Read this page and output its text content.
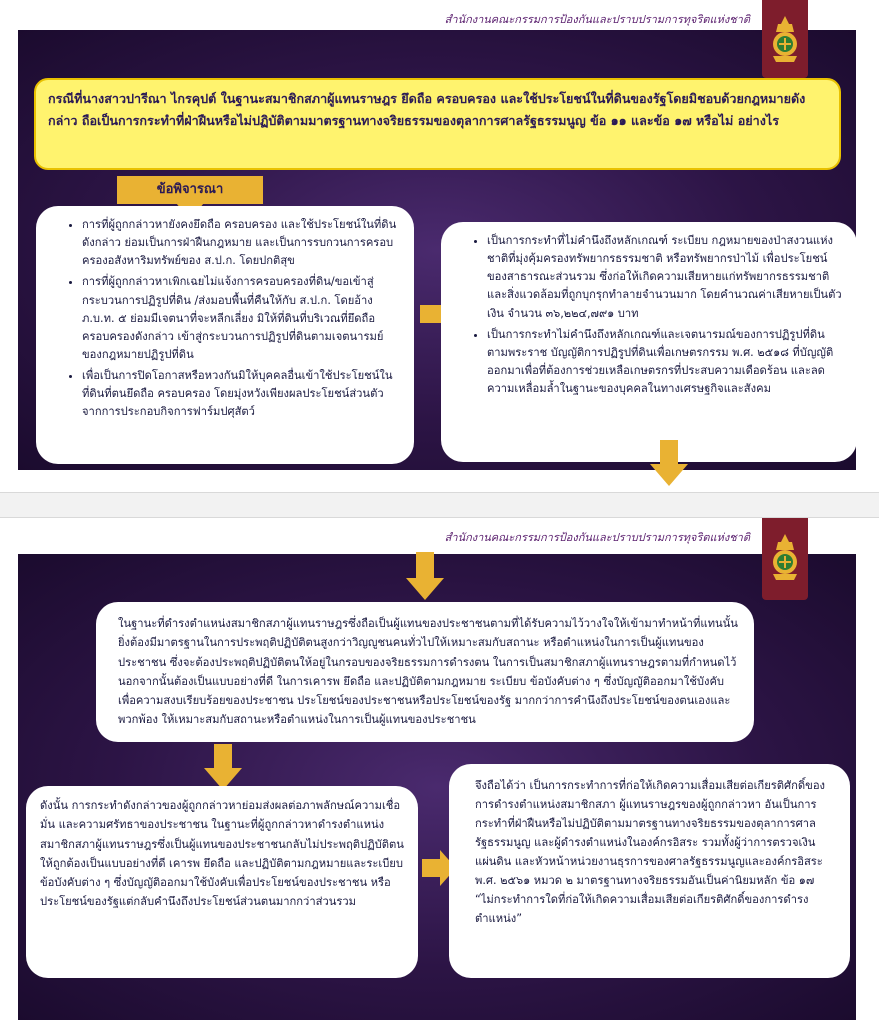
สำนักงานคณะกรรมการป้องกันและปราบปรามการทุจริตแห่งชาติ
กรณีที่นางสาวปารีณา ไกรคุปต์ ในฐานะสมาชิกสภาผู้แทนราษฎร ยึดถือ ครอบครอง และใช้ประโยชน์ในที่ดินของรัฐโดยมิชอบด้วยกฎหมายดังกล่าว ถือเป็นการกระทำที่ฝ่าฝืนหรือไม่ปฏิบัติตามมาตรฐานทางจริยธรรมของตุลาการศาลรัฐธรรมนูญ ข้อ ๑๑ และข้อ ๑๗ หรือไม่ อย่างไร
ข้อพิจารณา
• การที่ผู้ถูกกล่าวหายังคงยึดถือ ครอบครอง และใช้ประโยชน์ในที่ดินดังกล่าว ย่อมเป็นการฝ่าฝืนกฎหมาย และเป็นการรบกวนการครอบครองอสังหาริมทรัพย์ของ ส.ป.ก. โดยปกติสุข
• การที่ผู้ถูกกล่าวหาเพิกเฉยไม่แจ้งการครอบครองที่ดิน/ขอเข้าสู่กระบวนการปฏิรูปที่ดิน /ส่งมอบพื้นที่คืนให้กับ ส.ป.ก. โดยอ้าง ภ.บ.ท. ๕ ย่อมมีเจตนาที่จะหลีกเลี่ยง มิให้ที่ดินที่บริเวณที่ยึดถือครอบครองดังกล่าว เข้าสู่กระบวนการปฏิรูปที่ดินตามเจตนารมย์ของกฎหมายปฏิรูปที่ดิน
• เพื่อเป็นการปิดโอกาสหรือหวงกันมิให้บุคคลอื่นเข้าใช้ประโยชน์ในที่ดินที่ตนยึดถือ ครอบครอง โดยมุ่งหวังเพียงผลประโยชน์ส่วนตัวจากการประกอบกิจการฟาร์มปศุสัตว์
• เป็นการกระทำที่ไม่คำนึงถึงหลักเกณฑ์ ระเบียบ กฎหมายของป่าสงวนแห่งชาติที่มุ่งคุ้มครองทรัพยากรธรรมชาติ หรือทรัพยากรป่าไม้ เพื่อประโยชน์ของสาธารณะส่วนรวม ซึ่งก่อให้เกิดความเสียหายแก่ทรัพยากรธรรมชาติและสิ่งแวดล้อมที่ถูกบุกรุกทำลายจำนวนมาก โดยคำนวณค่าเสียหายเป็นตัวเงิน จำนวน ๓๖,๒๒๔,๗๙๑ บาท
• เป็นการกระทำไม่คำนึงถึงหลักเกณฑ์และเจตนารมณ์ของการปฏิรูปที่ดิน ตามพระราช บัญญัติการปฏิรูปที่ดินเพื่อเกษตรกรรม พ.ศ. ๒๕๑๘ ที่บัญญัติออกมาเพื่อที่ต้องการช่วยเหลือเกษตรกรที่ประสบความเดือดร้อน และลดความเหลื่อมล้ำในฐานะของบุคคลในทางเศรษฐกิจและสังคม
สำนักงานคณะกรรมการป้องกันและปราบปรามการทุจริตแห่งชาติ
ในฐานะที่ดำรงตำแหน่งสมาชิกสภาผู้แทนราษฎรซึ่งถือเป็นผู้แทนของประชาชนตามที่ได้รับความไว้วางใจให้เข้ามาทำหน้าที่แทนนั้น ยิ่งต้องมีมาตรฐานในการประพฤติปฏิบัติตนสูงกว่าวิญญูชนคนทั่วไปให้เหมาะสมกับสถานะ หรือตำแหน่งในการเป็นผู้แทนของประชาชน ซึ่งจะต้องประพฤติปฏิบัติตนให้อยู่ในกรอบของจริยธรรมการดำรงตน ในการเป็นสมาชิกสภาผู้แทนราษฎรตามที่กำหนดไว้นอกจากนั้นต้องเป็นแบบอย่างที่ดี ในการเคารพ ยึดถือ และปฏิบัติตามกฎหมาย ระเบียบ ข้อบังคับต่าง ๆ ซึ่งบัญญัติออกมาใช้บังคับเพื่อความสงบเรียบร้อยของประชาชน ประโยชน์ของประชาชนหรือประโยชน์ของรัฐ มากกว่าการคำนึงถึงประโยชน์ของตนเองและพวกพ้อง ให้เหมาะสมกับสถานะหรือตำแหน่งในการเป็นผู้แทนของประชาชน
ดังนั้น การกระทำดังกล่าวของผู้ถูกกล่าวหาย่อมส่งผลต่อภาพลักษณ์ความเชื่อมั่น และความศรัทธาของประชาชน ในฐานะที่ผู้ถูกกล่าวหาดำรงตำแหน่งสมาชิกสภาผู้แทนราษฎรซึ่งเป็นผู้แทนของประชาชนกลับไม่ประพฤติปฏิบัติตนให้ถูกต้องเป็นแบบอย่างที่ดี เคารพ ยึดถือ และปฏิบัติตามกฎหมายและระเบียบข้อบังคับต่าง ๆ ซึ่งบัญญัติออกมาใช้บังคับเพื่อประโยชน์ของประชาชน หรือประโยชน์ของรัฐแต่กลับคำนึงถึงประโยชน์ส่วนตนมากกว่าส่วนรวม
จึงถือได้ว่า เป็นการกระทำการที่ก่อให้เกิดความเสื่อมเสียต่อเกียรติศักดิ์ของการดำรงตำแหน่งสมาชิกสภา ผู้แทนราษฎรของผู้ถูกกล่าวหา อันเป็นการกระทำที่ฝ่าฝืนหรือไม่ปฏิบัติตามมาตรฐานทางจริยธรรมของตุลาการศาลรัฐธรรมนูญ และผู้ดำรงตำแหน่งในองค์กรอิสระ รวมทั้งผู้ว่าการตรวจเงินแผ่นดิน และหัวหน้าหน่วยงานธุรการของศาลรัฐธรรมนูญและองค์กรอิสระ พ.ศ. ๒๕๖๑ หมวด ๒ มาตรฐานทางจริยธรรมอันเป็นค่านิยมหลัก ข้อ ๑๗ “ไม่กระทำการใดที่ก่อให้เกิดความเสื่อมเสียต่อเกียรติศักดิ์ของการดำรงตำแหน่ง”
